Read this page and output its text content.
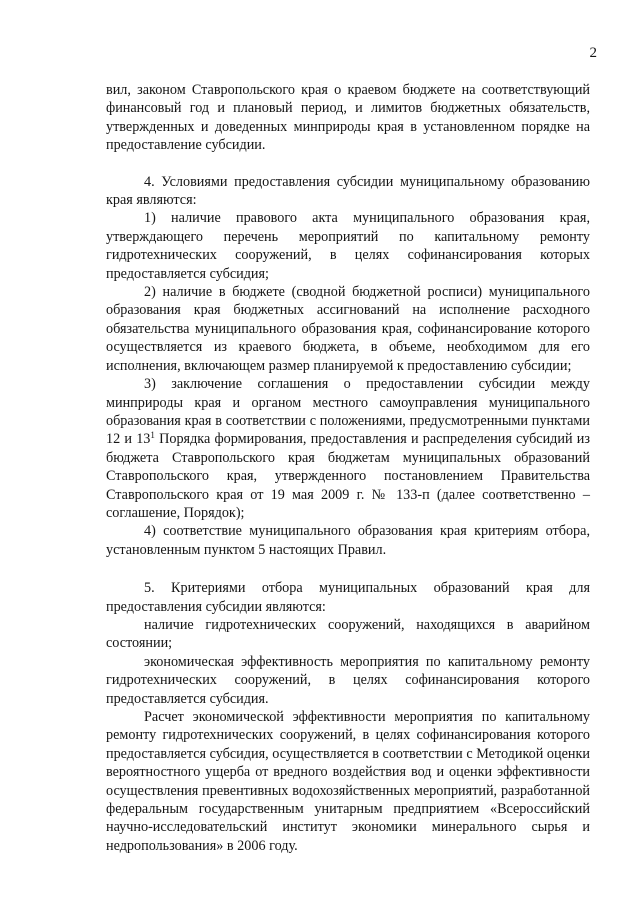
2

вил, законом Ставропольского края о краевом бюджете на соответствующий финансовый год и плановый период, и лимитов бюджетных обязательств, утвержденных и доведенных минприроды края в установленном порядке на предоставление субсидии.

4. Условиями предоставления субсидии муниципальному образованию края являются:

1) наличие правового акта муниципального образования края, утверждающего перечень мероприятий по капитальному ремонту гидротехнических сооружений, в целях софинансирования которых предоставляется субсидия;

2) наличие в бюджете (сводной бюджетной росписи) муниципального образования края бюджетных ассигнований на исполнение расходного обязательства муниципального образования края, софинансирование которого осуществляется из краевого бюджета, в объеме, необходимом для его исполнения, включающем размер планируемой к предоставлению субсидии;

3) заключение соглашения о предоставлении субсидии между минприроды края и органом местного самоуправления муниципального образования края в соответствии с положениями, предусмотренными пунктами 12 и $13^1$ Порядка формирования, предоставления и распределения субсидий из бюджета Ставропольского края бюджетам муниципальных образований Ставропольского края, утвержденного постановлением Правительства Ставропольского края от 19 мая 2009 г. № 133-п (далее соответственно – соглашение, Порядок);

4) соответствие муниципального образования края критериям отбора, установленным пунктом 5 настоящих Правил.

5. Критериями отбора муниципальных образований края для предоставления субсидии являются:

наличие гидротехнических сооружений, находящихся в аварийном состоянии;

экономическая эффективность мероприятия по капитальному ремонту гидротехнических сооружений, в целях софинансирования которого предоставляется субсидия.

Расчет экономической эффективности мероприятия по капитальному ремонту гидротехнических сооружений, в целях софинансирования которого предоставляется субсидия, осуществляется в соответствии с Методикой оценки вероятностного ущерба от вредного воздействия вод и оценки эффективности осуществления превентивных водохозяйственных мероприятий, разработанной федеральным государственным унитарным предприятием «Всероссийский научно-исследовательский институт экономики минерального сырья и недропользования» в 2006 году.
